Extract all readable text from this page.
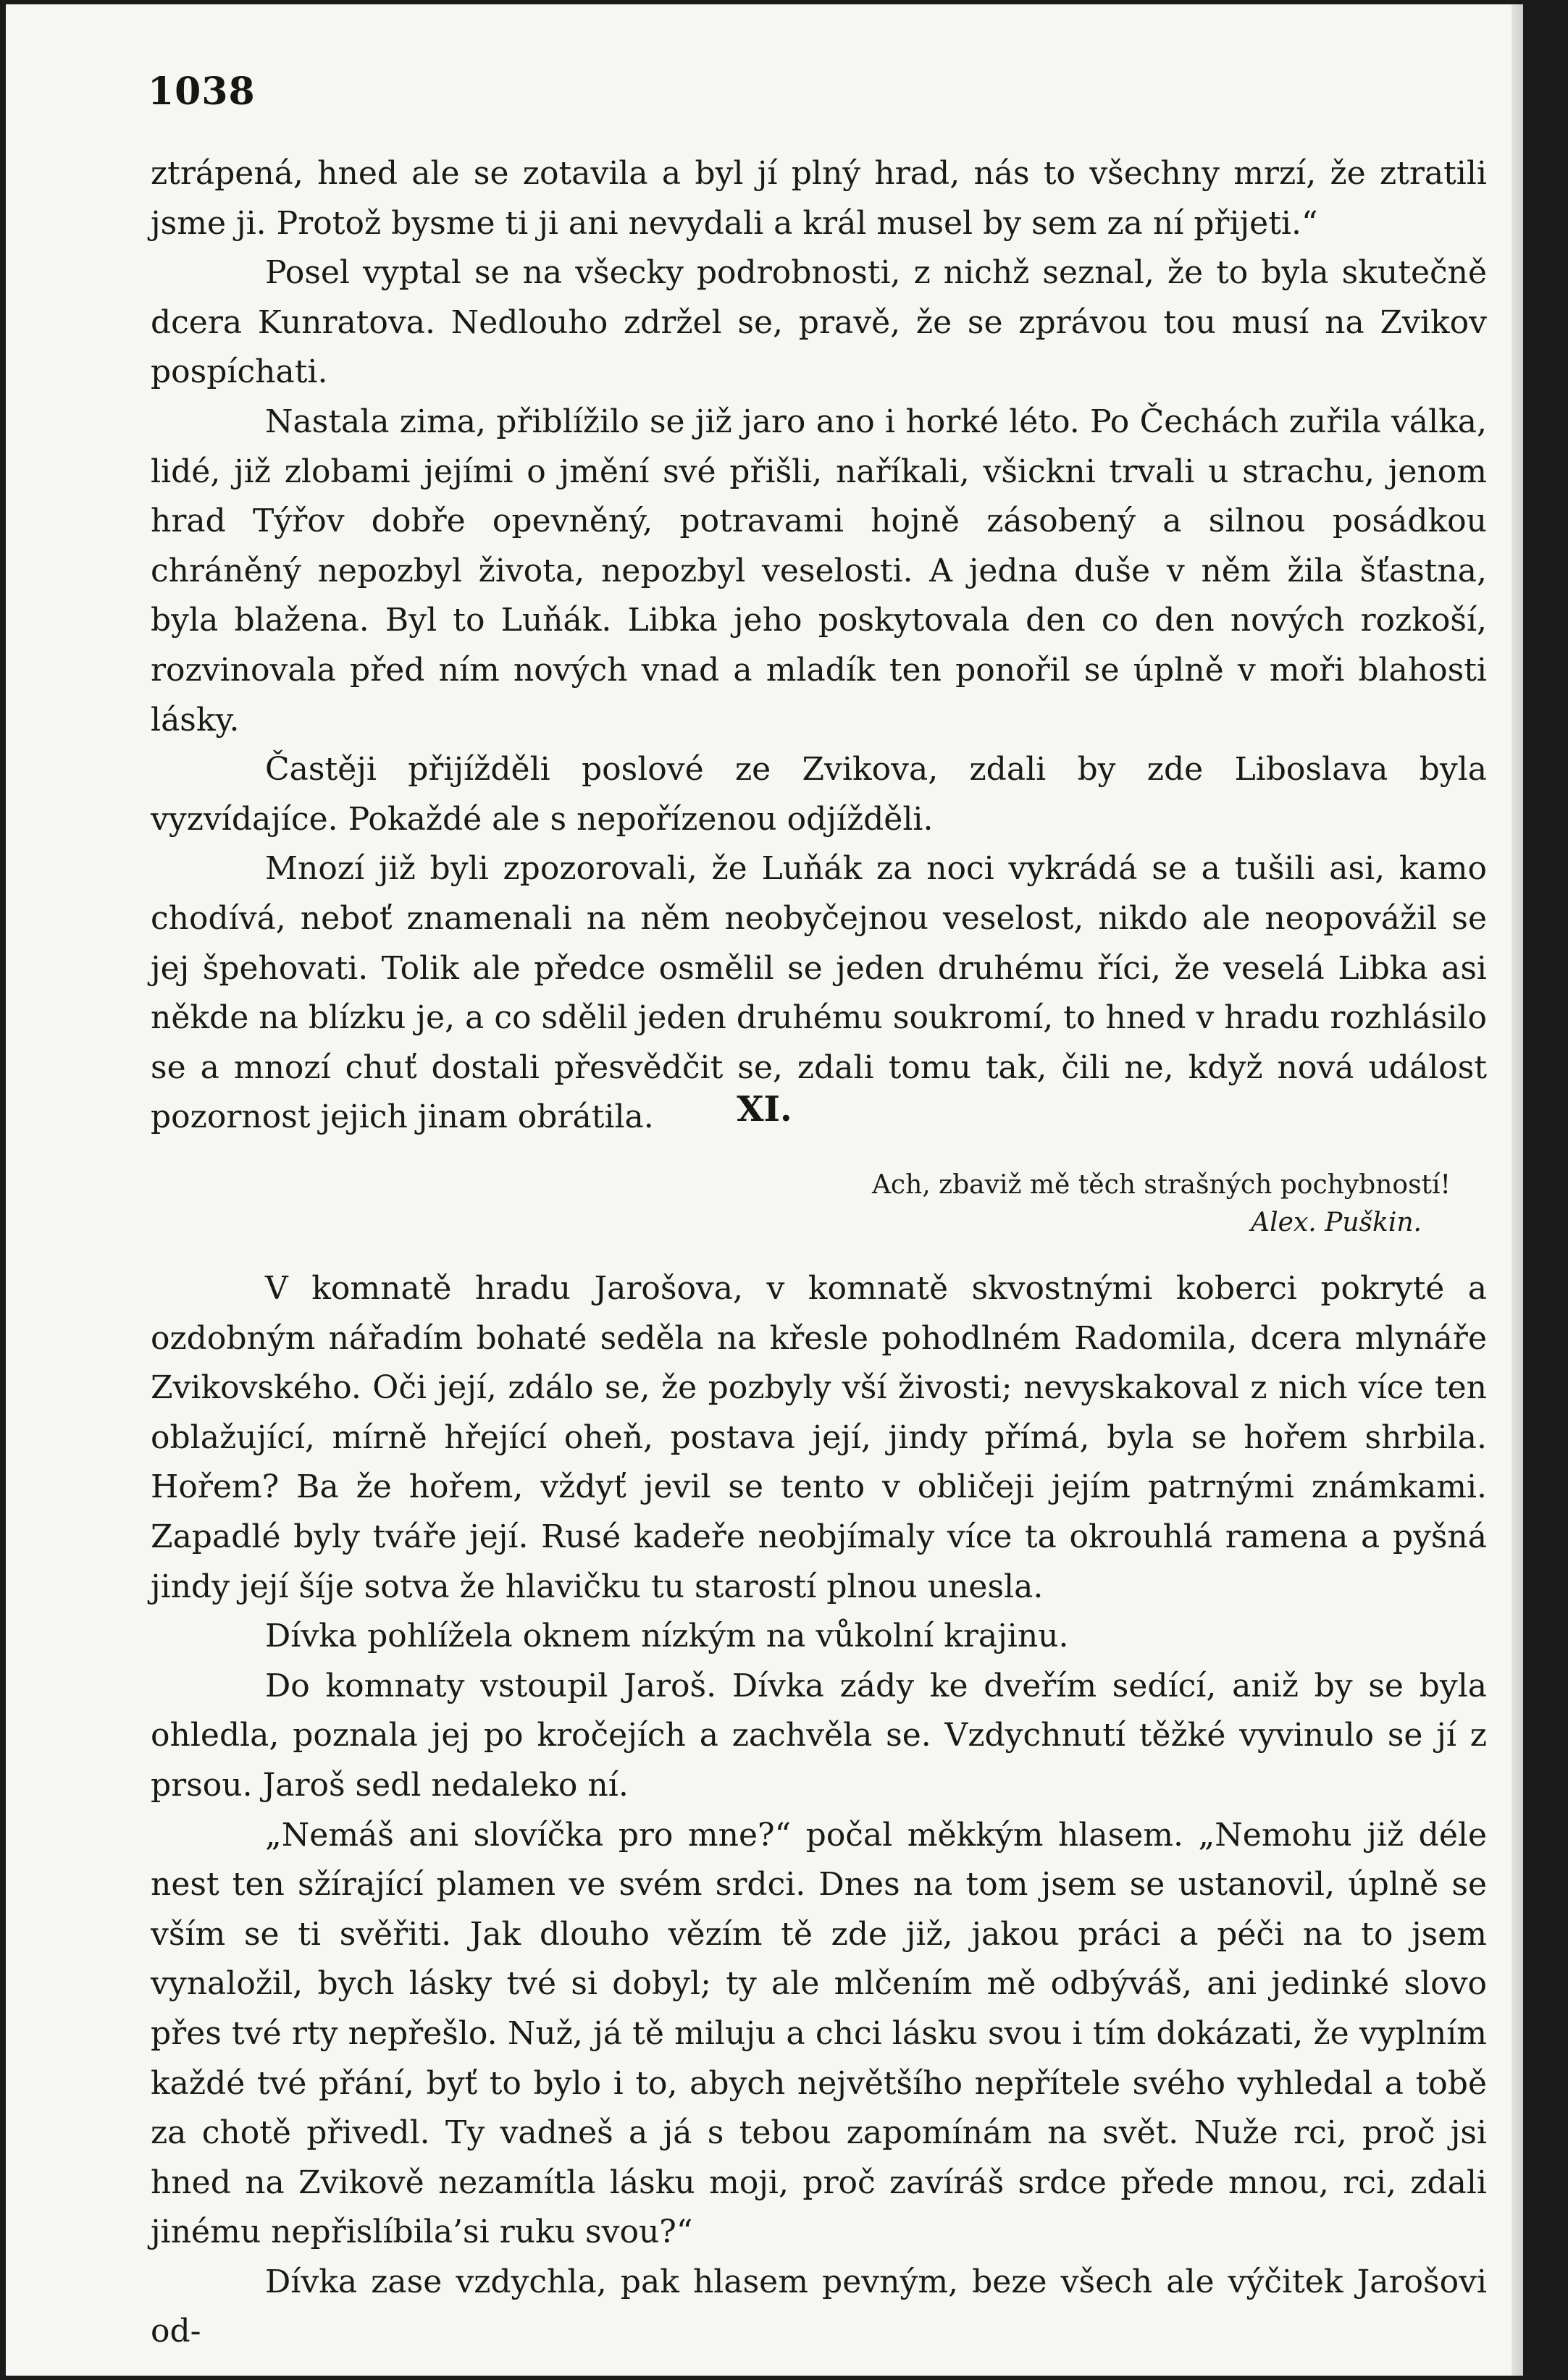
1038

ztrápená, hned ale se zotavila a byl jí plný hrad, nás to všechny mrzí, že ztratili jsme ji. Protož bysme ti ji ani nevydali a král musel by sem za ní přijeti.“

Posel vyptal se na všecky podrobnosti, z nichž seznal, že to byla skutečně dcera Kunratova. Nedlouho zdržel se, pravě, že se zprávou tou musí na Zvikov pospíchati.

Nastala zima, přiblížilo se již jaro ano i horké léto. Po Čechách zuřila válka, lidé, již zlobami jejími o jmění své přišli, naříkali, všickni trvali u strachu, jenom hrad Týřov dobře opevněný, potravami hojně zásobený a silnou posádkou chráněný nepozbyl života, nepozbyl veselosti. A jedna duše v něm žila šťastna, byla blažena. Byl to Luňák. Libka jeho poskytovala den co den nových rozkoší, rozvinovala před ním nových vnad a mladík ten ponořil se úplně v moři blahosti lásky.

Častěji přijížděli poslové ze Zvikova, zdali by zde Liboslava byla vyzvídajíce. Pokaždé ale s nepořízenou odjížděli.

Mnozí již byli zpozorovali, že Luňák za noci vykrádá se a tušili asi, kamo chodívá, neboť znamenali na něm neobyčejnou veselost, nikdo ale neopovážil se jej špehovati. Tolik ale předce osmělil se jeden druhému říci, že veselá Libka asi někde na blízku je, a co sdělil jeden druhému soukromí, to hned v hradu rozhlásilo se a mnozí chuť dostali přesvědčit se, zdali tomu tak, čili ne, když nová událost pozornost jejich jinam obrátila.	XI.
Ach, zbaviž mě těch strašných pochybností!
Alex. Puškin.

V komnatě hradu Jarošova, v komnatě skvostnými koberci pokryté a ozdobným nářadím bohaté seděla na křesle pohodlném Radomila, dcera mlynáře Zvikovského. Oči její, zdálo se, že pozbyly vší živosti; nevyskakoval z nich více ten oblažující, mírně hřející oheň, postava její, jindy přímá, byla se hořem shrbila. Hořem? Ba že hořem, vždyť jevil se tento v obličeji jejím patrnými známkami. Zapadlé byly tváře její. Rusé kadeře neobjímaly více ta okrouhlá ramena a pyšná jindy její šíje sotva že hlavičku tu starostí plnou unesla.

Dívka pohlížela oknem nízkým na vůkolní krajinu.

Do komnaty vstoupil Jaroš. Dívka zády ke dveřím sedící, aniž by se byla ohledla, poznala jej po kročejích a zachvěla se. Vzdychnutí těžké vyvinulo se jí z prsou. Jaroš sedl nedaleko ní.

„Nemáš ani slovíčka pro mne?“ počal měkkým hlasem. „Nemohu již déle nest ten sžírající plamen ve svém srdci. Dnes na tom jsem se ustanovil, úplně se vším se ti svěřiti. Jak dlouho vězím tě zde již, jakou práci a péči na to jsem vynaložil, bych lásky tvé si dobyl; ty ale mlčením mě odbýváš, ani jedinké slovo přes tvé rty nepřešlo. Nuž, já tě miluju a chci lásku svou i tím dokázati, že vyplním každé tvé přání, byť to bylo i to, abych největšího nepřítele svého vyhledal a tobě za chotě přivedl. Ty vadneš a já s tebou zapomínám na svět. Nuže rci, proč jsi hned na Zvikově nezamítla lásku moji, proč zavíráš srdce přede mnou, rci, zdali jinému nepřislíbila’si ruku svou?“

Dívka zase vzdychla, pak hlasem pevným, beze všech ale výčitek Jarošovi od-
